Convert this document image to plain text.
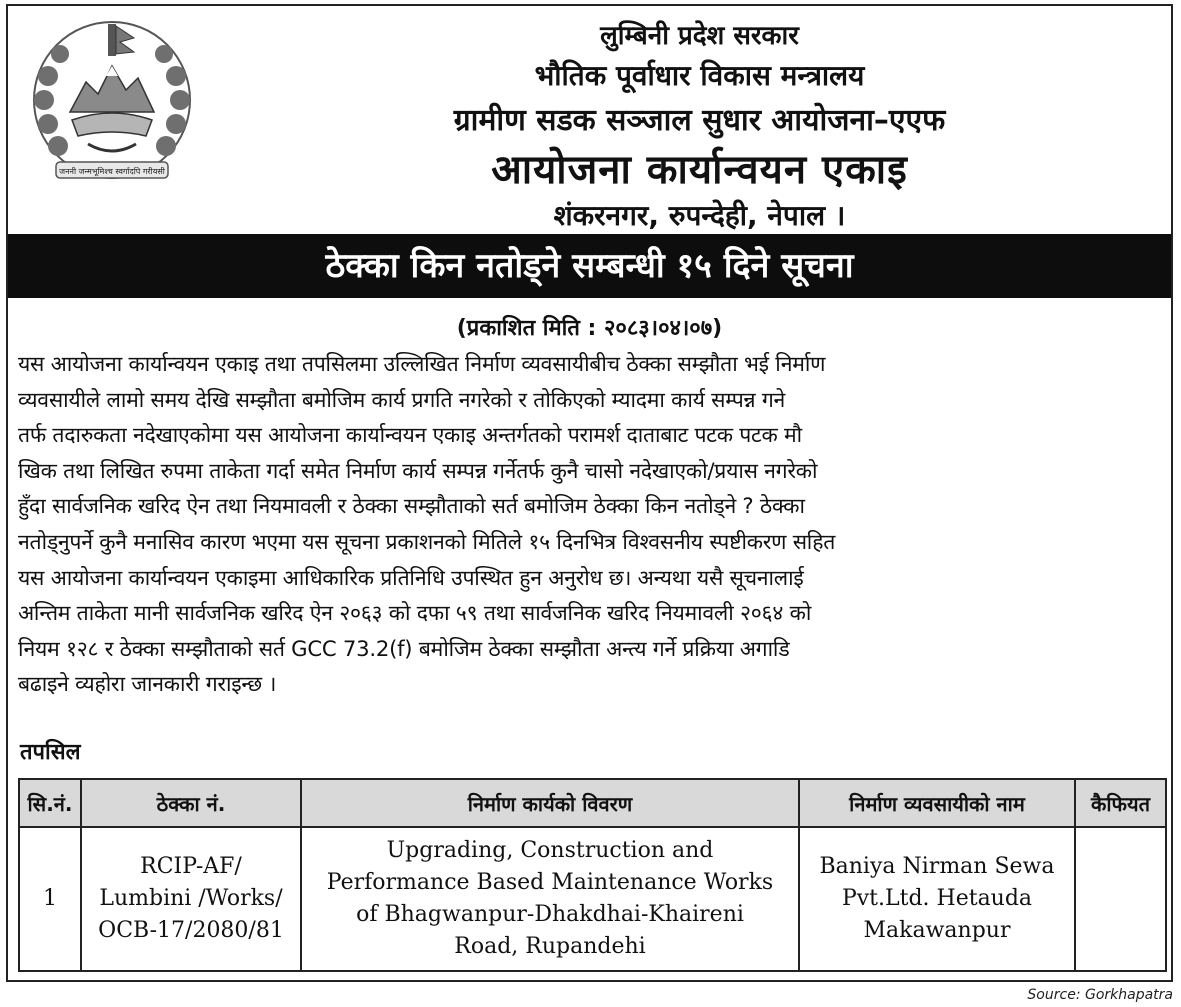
जननी जन्मभूमिश्च स्वर्गादपि गरीयसी
लुम्बिनी प्रदेश सरकार
भौतिक पूर्वाधार विकास मन्त्रालय
ग्रामीण सडक सञ्जाल सुधार आयोजना–एएफ
आयोजना कार्यान्वयन एकाइ
शंकरनगर, रुपन्देही, नेपाल ।
ठेक्का किन नतोड्ने सम्बन्धी १५ दिने सूचना
(प्रकाशित मिति : २०८३।०४।०७)
यस आयोजना कार्यान्वयन एकाइ तथा तपसिलमा उल्लिखित निर्माण व्यवसायीबीच ठेक्का सम्झौता भई निर्माण
व्यवसायीले लामो समय देखि सम्झौता बमोजिम कार्य प्रगति नगरेको र तोकिएको म्यादमा कार्य सम्पन्न गने
तर्फ तदारुकता नदेखाएकोमा यस आयोजना कार्यान्वयन एकाइ अन्तर्गतको परामर्श दाताबाट पटक पटक मौ
खिक तथा लिखित रुपमा ताकेता गर्दा समेत निर्माण कार्य सम्पन्न गर्नेतर्फ कुनै चासो नदेखाएको/प्रयास नगरेको
हुँदा सार्वजनिक खरिद ऐन तथा नियमावली र ठेक्का सम्झौताको सर्त बमोजिम ठेक्का किन नतोड्ने ? ठेक्का
नतोड्नुपर्ने कुनै मनासिव कारण भएमा यस सूचना प्रकाशनको मितिले १५ दिनभित्र विश्वसनीय स्पष्टीकरण सहित
यस आयोजना कार्यान्वयन एकाइमा आधिकारिक प्रतिनिधि उपस्थित हुन अनुरोध छ। अन्यथा यसै सूचनालाई
अन्तिम ताकेता मानी सार्वजनिक खरिद ऐन २०६३ को दफा ५९ तथा सार्वजनिक खरिद नियमावली २०६४ को
नियम १२८ र ठेक्का सम्झौताको सर्त GCC 73.2(f) बमोजिम ठेक्का सम्झौता अन्त्य गर्ने प्रक्रिया अगाडि
बढाइने व्यहोरा जानकारी गराइन्छ ।
तपसिल
सि.नं.	ठेक्का नं.	निर्माण कार्यको विवरण	निर्माण व्यवसायीको नाम	कैफियत
1	RCIP-AF/
Lumbini /Works/
OCB-17/2080/81	Upgrading, Construction and
Performance Based Maintenance Works
of Bhagwanpur-Dhakdhai-Khaireni
Road, Rupandehi	Baniya Nirman Sewa
Pvt.Ltd. Hetauda
Makawanpur	

Source: Gorkhapatra
